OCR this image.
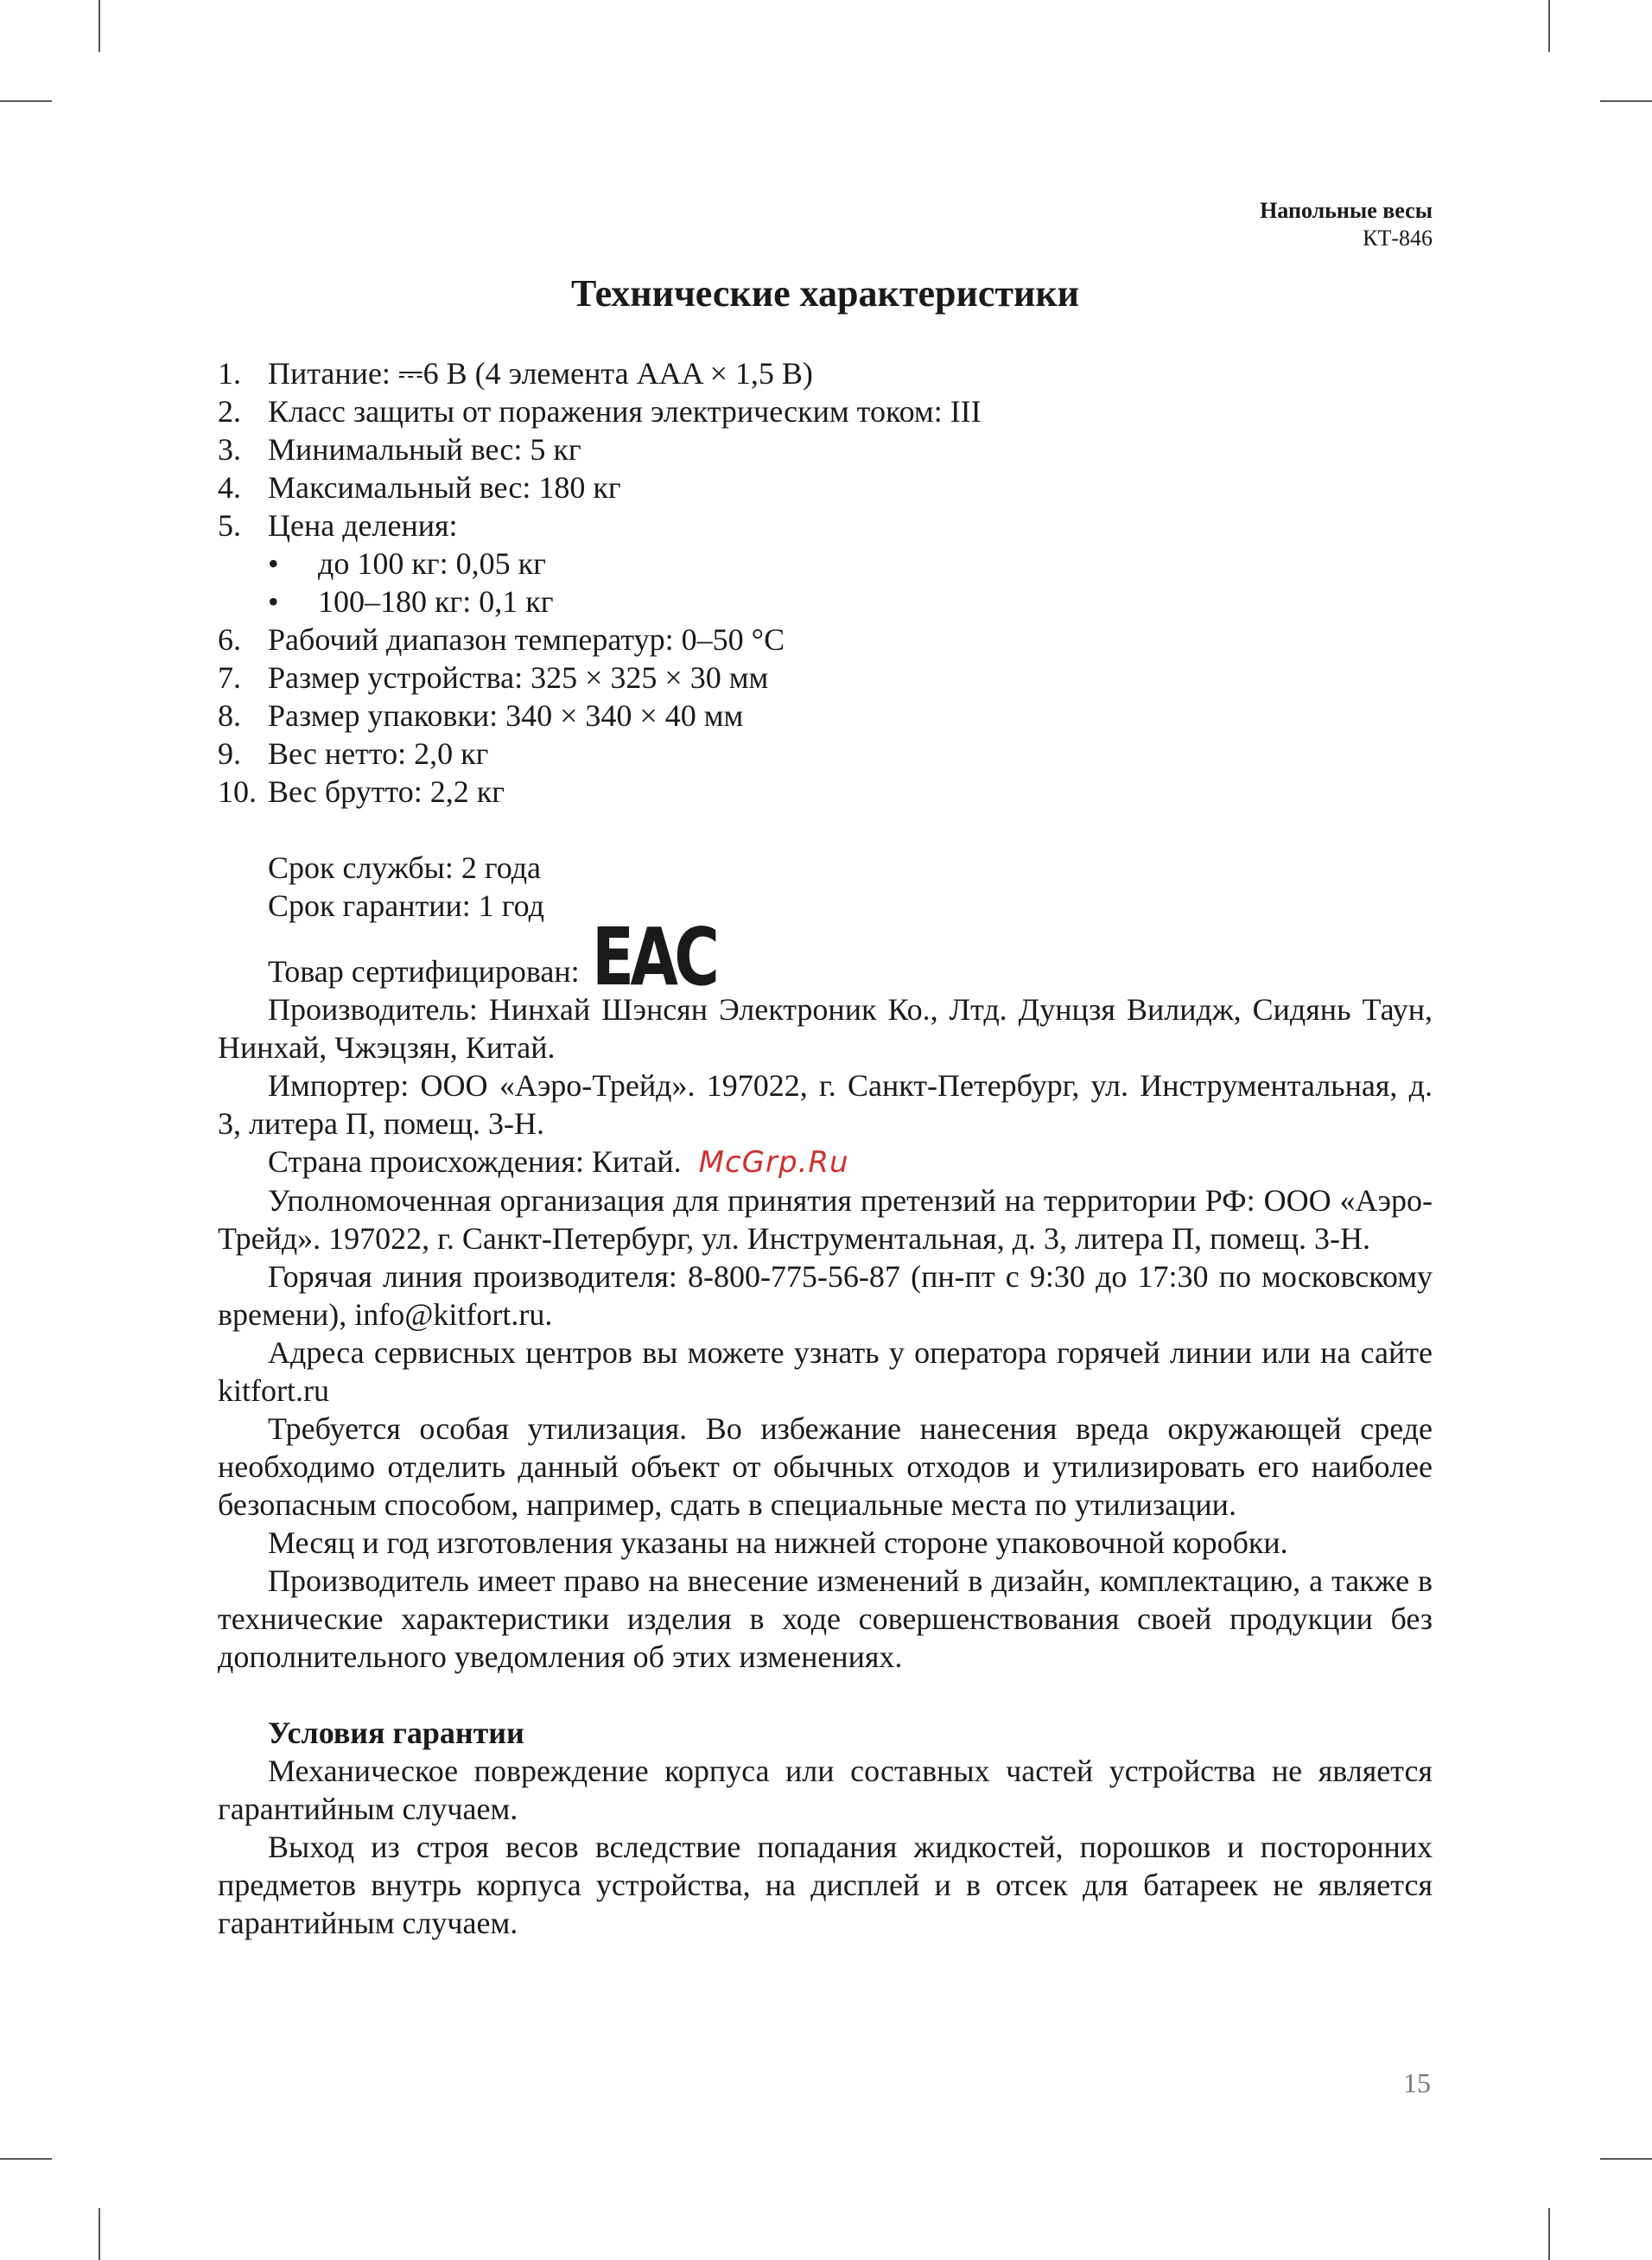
Напольные весы
КТ-846
Технические характеристики
1. Питание: ⎓6 В (4 элемента AAA × 1,5 В)
2. Класс защиты от поражения электрическим током: III
3. Минимальный вес: 5 кг
4. Максимальный вес: 180 кг
5. Цена деления:
• до 100 кг: 0,05 кг
• 100–180 кг: 0,1 кг
6. Рабочий диапазон температур: 0–50 °C
7. Размер устройства: 325 × 325 × 30 мм
8. Размер упаковки: 340 × 340 × 40 мм
9. Вес нетто: 2,0 кг
10. Вес брутто: 2,2 кг
Срок службы: 2 года
Срок гарантии: 1 год
Товар сертифицирован: EAC

Производитель: Нинхай Шэнсян Электроник Ко., Лтд. Дунцзя Вилидж, Сидянь Таун, Нинхай, Чжэцзян, Китай.

Импортер: ООО «Аэро-Трейд». 197022, г. Санкт-Петербург, ул. Инструментальная, д. 3, литера П, помещ. 3-Н.

Страна происхождения: Китай. McGrp.Ru

Уполномоченная организация для принятия претензий на территории РФ: ООО «Аэро-Трейд». 197022, г. Санкт-Петербург, ул. Инструментальная, д. 3, литера П, помещ. 3-Н.

Горячая линия производителя: 8-800-775-56-87 (пн-пт с 9:30 до 17:30 по московскому времени), info@kitfort.ru.

Адреса сервисных центров вы можете узнать у оператора горячей линии или на сайте kitfort.ru

Требуется особая утилизация. Во избежание нанесения вреда окружающей среде необходимо отделить данный объект от обычных отходов и утилизировать его наиболее безопасным способом, например, сдать в специальные места по утилизации.

Месяц и год изготовления указаны на нижней стороне упаковочной коробки.

Производитель имеет право на внесение изменений в дизайн, комплектацию, а также в технические характеристики изделия в ходе совершенствования своей продукции без дополнительного уведомления об этих изменениях.

Условия гарантии

Механическое повреждение корпуса или составных частей устройства не является гарантийным случаем.

Выход из строя весов вследствие попадания жидкостей, порошков и посторонних предметов внутрь корпуса устройства, на дисплей и в отсек для батареек не является гарантийным случаем.

15
